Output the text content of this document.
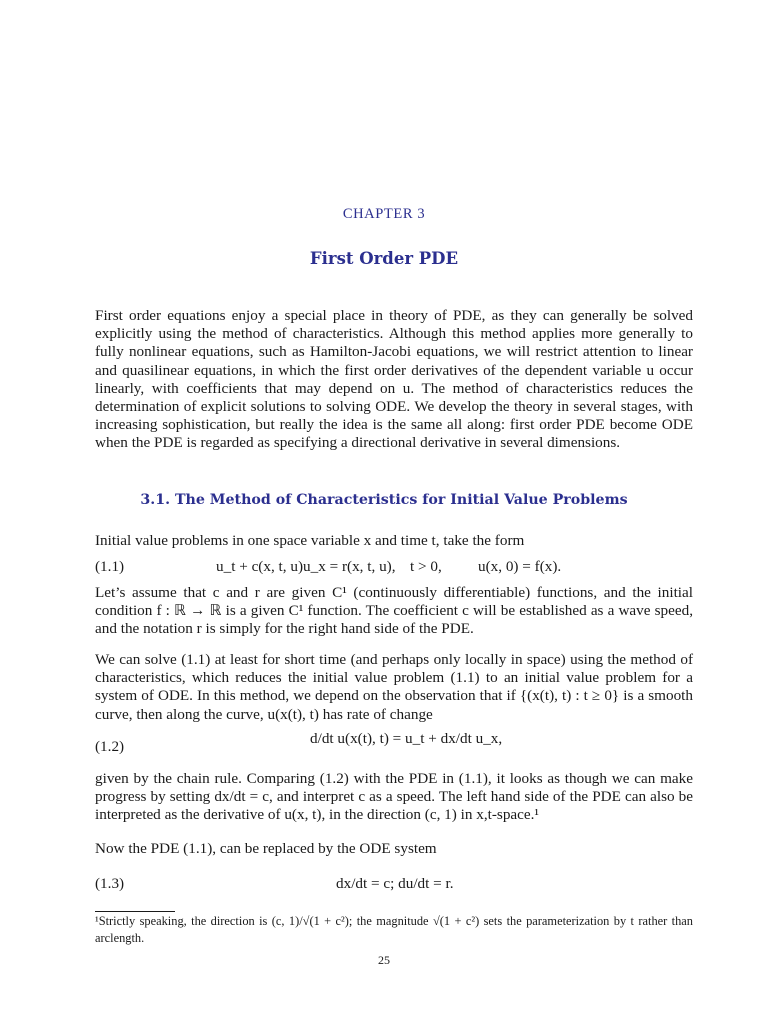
CHAPTER 3
First Order PDE
First order equations enjoy a special place in theory of PDE, as they can generally be solved explicitly using the method of characteristics. Although this method applies more generally to fully nonlinear equations, such as Hamilton-Jacobi equations, we will restrict attention to linear and quasilinear equations, in which the first order derivatives of the dependent variable u occur linearly, with coefficients that may depend on u. The method of characteristics reduces the determination of explicit solutions to solving ODE. We develop the theory in several stages, with increasing sophistication, but really the idea is the same all along: first order PDE become ODE when the PDE is regarded as specifying a directional derivative in several dimensions.
3.1. The Method of Characteristics for Initial Value Problems
Initial value problems in one space variable x and time t, take the form
(1.1)	u_t + c(x, t, u)u_x = r(x, t, u), t > 0, u(x, 0) = f(x).
Let’s assume that c and r are given C¹ (continuously differentiable) functions, and the initial condition f : ℝ → ℝ is a given C¹ function. The coefficient c will be established as a wave speed, and the notation r is simply for the right hand side of the PDE.
We can solve (1.1) at least for short time (and perhaps only locally in space) using the method of characteristics, which reduces the initial value problem (1.1) to an initial value problem for a system of ODE. In this method, we depend on the observation that if {(x(t), t) : t ≥ 0} is a smooth curve, then along the curve, u(x(t), t) has rate of change
(1.2)	d/dt u(x(t), t) = u_t + dx/dt u_x,
given by the chain rule. Comparing (1.2) with the PDE in (1.1), it looks as though we can make progress by setting dx/dt = c, and interpret c as a speed. The left hand side of the PDE can also be interpreted as the derivative of u(x, t), in the direction (c, 1) in x,t-space.¹
Now the PDE (1.1), can be replaced by the ODE system
(1.3)	dx/dt = c; du/dt = r.
¹Strictly speaking, the direction is (c, 1)/√(1 + c²); the magnitude √(1 + c²) sets the parameterization by t rather than arclength.
25
